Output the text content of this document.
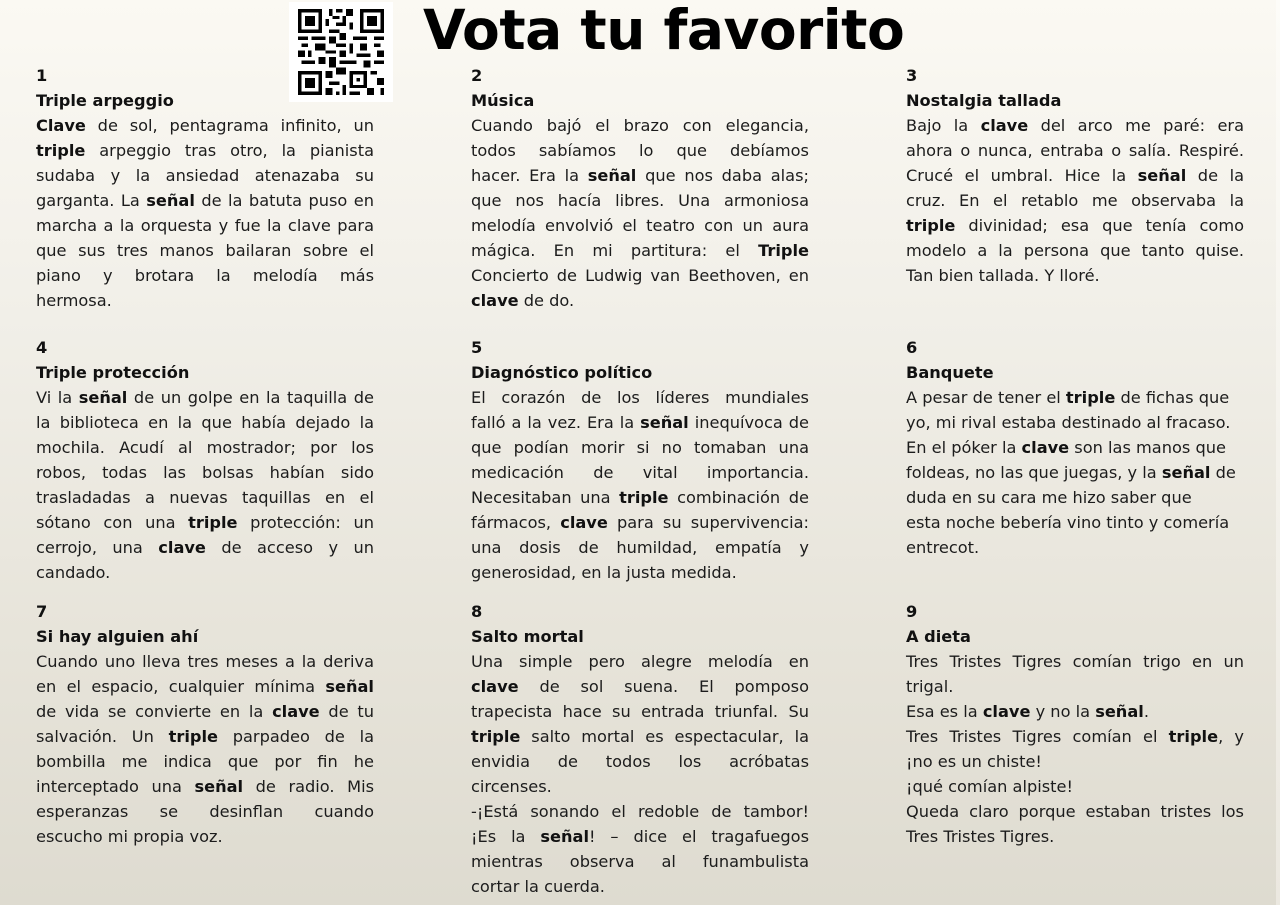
Vota tu favorito
1
Triple arpeggio
Clave de sol, pentagrama infinito, un
triple arpeggio tras otro, la pianista
sudaba y la ansiedad atenazaba su
garganta. La señal de la batuta puso en
marcha a la orquesta y fue la clave para
que sus tres manos bailaran sobre el
piano y brotara la melodía más
hermosa.
2
Música
Cuando bajó el brazo con elegancia,
todos sabíamos lo que debíamos
hacer. Era la señal que nos daba alas;
que nos hacía libres. Una armoniosa
melodía envolvió el teatro con un aura
mágica. En mi partitura: el Triple
Concierto de Ludwig van Beethoven, en
clave de do.
3
Nostalgia tallada
Bajo la clave del arco me paré: era
ahora o nunca, entraba o salía. Respiré.
Crucé el umbral. Hice la señal de la
cruz. En el retablo me observaba la
triple divinidad; esa que tenía como
modelo a la persona que tanto quise.
Tan bien tallada. Y lloré.
4
Triple protección
Vi la señal de un golpe en la taquilla de
la biblioteca en la que había dejado la
mochila. Acudí al mostrador; por los
robos, todas las bolsas habían sido
trasladadas a nuevas taquillas en el
sótano con una triple protección: un
cerrojo, una clave de acceso y un
candado.
5
Diagnóstico político
El corazón de los líderes mundiales
falló a la vez. Era la señal inequívoca de
que podían morir si no tomaban una
medicación de vital importancia.
Necesitaban una triple combinación de
fármacos, clave para su supervivencia:
una dosis de humildad, empatía y
generosidad, en la justa medida.
6
Banquete
A pesar de tener el triple de fichas que
yo, mi rival estaba destinado al fracaso.
En el póker la clave son las manos que
foldeas, no las que juegas, y la señal de
duda en su cara me hizo saber que
esta noche bebería vino tinto y comería
entrecot.
7
Si hay alguien ahí
Cuando uno lleva tres meses a la deriva
en el espacio, cualquier mínima señal
de vida se convierte en la clave de tu
salvación. Un triple parpadeo de la
bombilla me indica que por fin he
interceptado una señal de radio. Mis
esperanzas se desinflan cuando
escucho mi propia voz.
8
Salto mortal
Una simple pero alegre melodía en
clave de sol suena. El pomposo
trapecista hace su entrada triunfal. Su
triple salto mortal es espectacular, la
envidia de todos los acróbatas
circenses.
-¡Está sonando el redoble de tambor!
¡Es la señal! – dice el tragafuegos
mientras observa al funambulista
cortar la cuerda.
9
A dieta
Tres Tristes Tigres comían trigo en un
trigal.
Esa es la clave y no la señal.
Tres Tristes Tigres comían el triple, y
¡no es un chiste!
¡qué comían alpiste!
Queda claro porque estaban tristes los
Tres Tristes Tigres.
